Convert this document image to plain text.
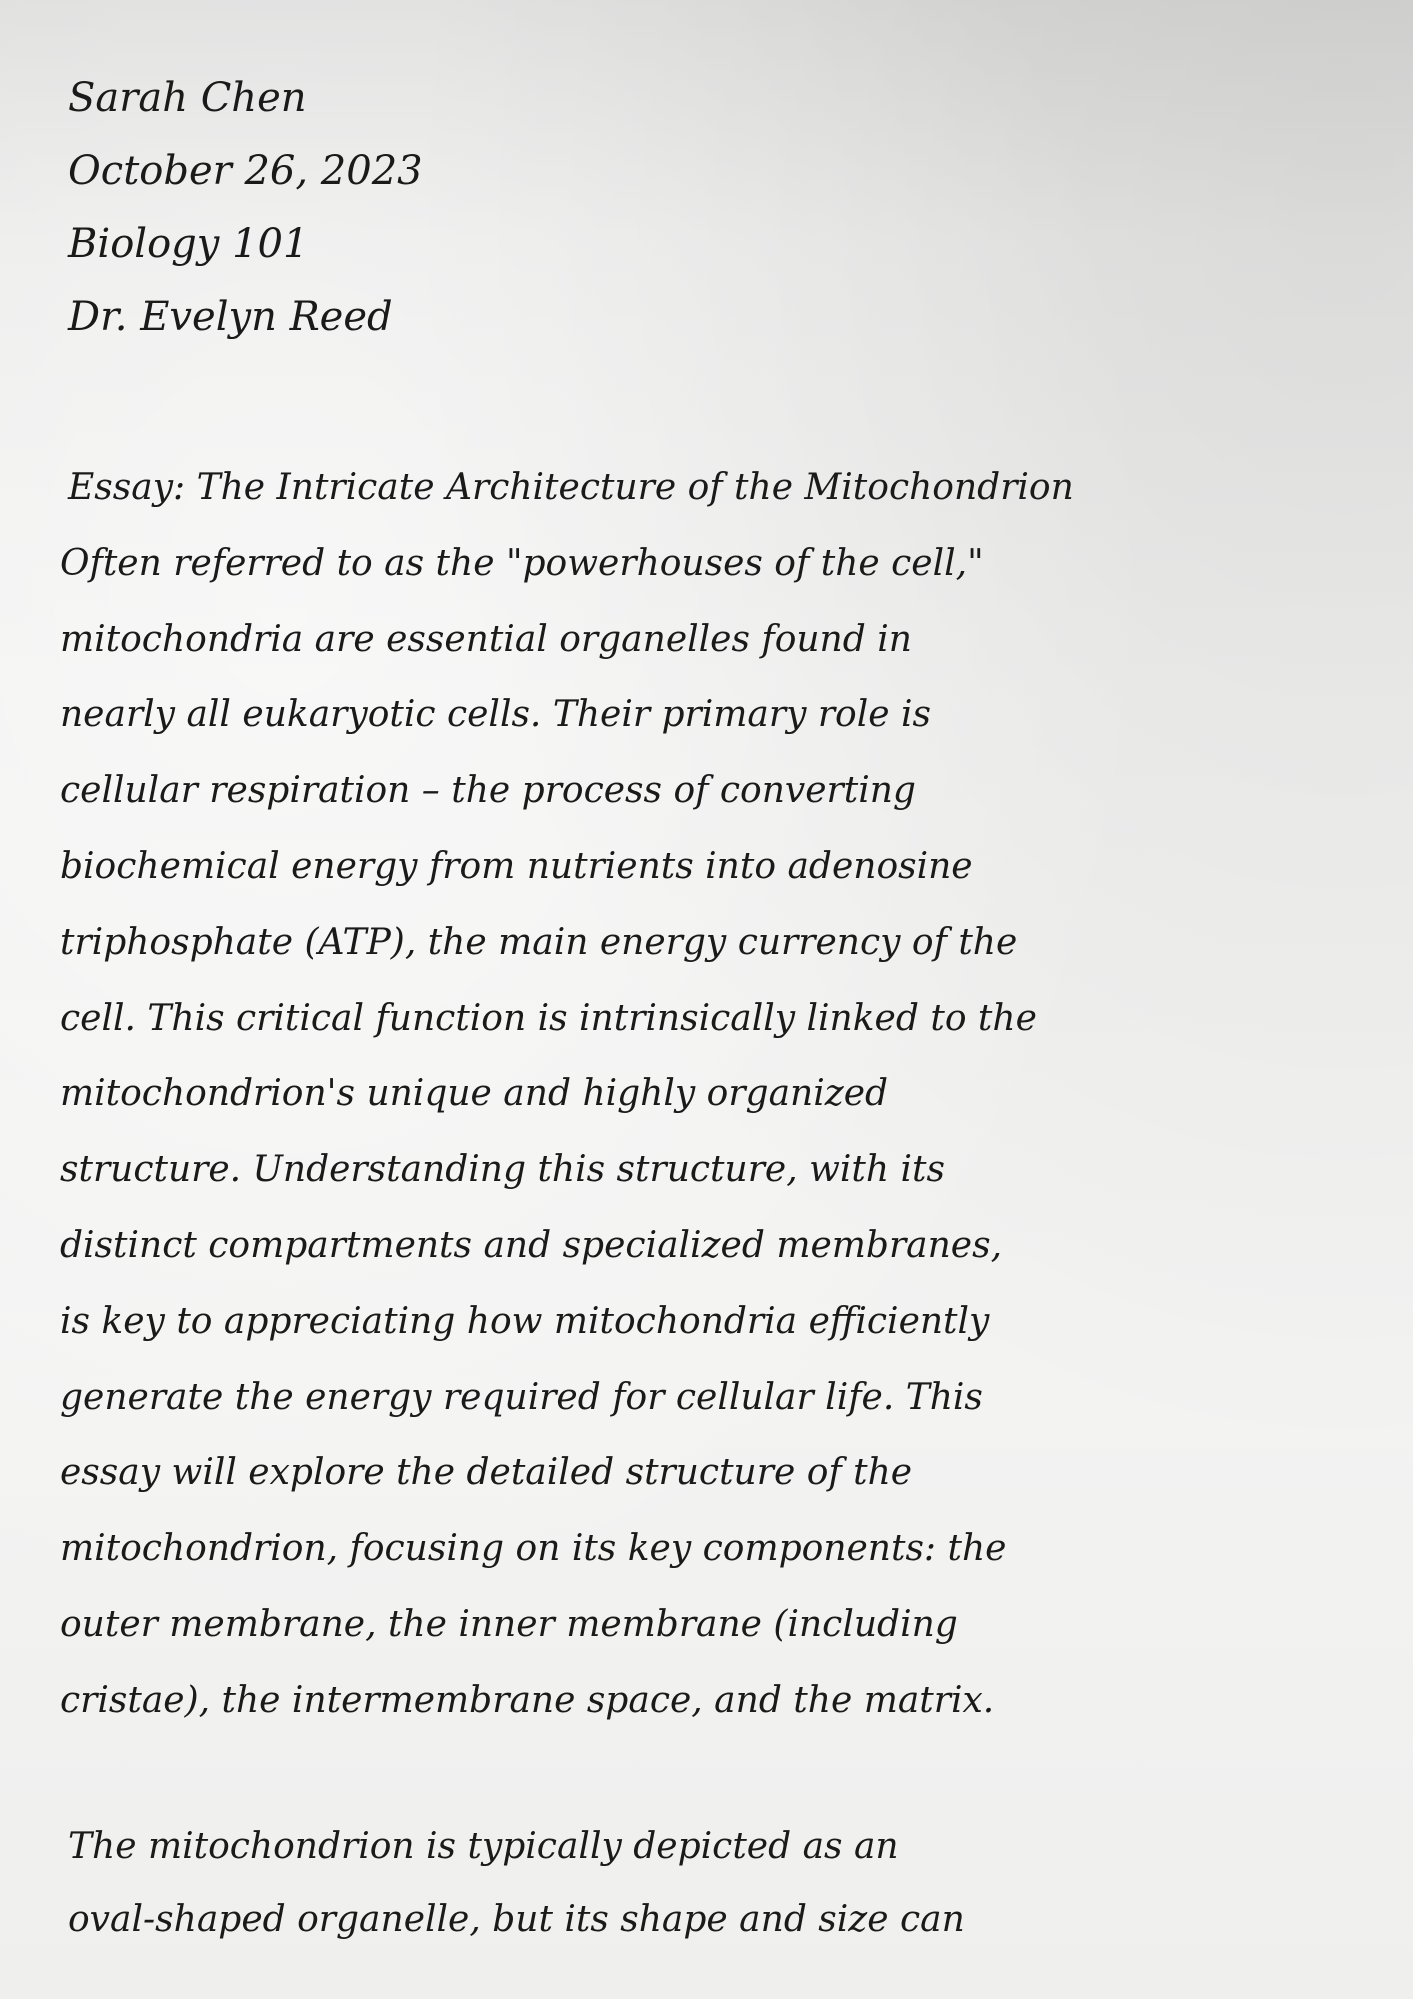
Sarah Chen
October 26, 2023
Biology 101
Dr. Evelyn Reed
Essay: The Intricate Architecture of the Mitochondrion
Often referred to as the "powerhouses of the cell,"
mitochondria are essential organelles found in
nearly all eukaryotic cells. Their primary role is
cellular respiration – the process of converting
biochemical energy from nutrients into adenosine
triphosphate (ATP), the main energy currency of the
cell. This critical function is intrinsically linked to the
mitochondrion's unique and highly organized
structure. Understanding this structure, with its
distinct compartments and specialized membranes,
is key to appreciating how mitochondria efficiently
generate the energy required for cellular life. This
essay will explore the detailed structure of the
mitochondrion, focusing on its key components: the
outer membrane, the inner membrane (including
cristae), the intermembrane space, and the matrix.
The mitochondrion is typically depicted as an
oval-shaped organelle, but its shape and size can
